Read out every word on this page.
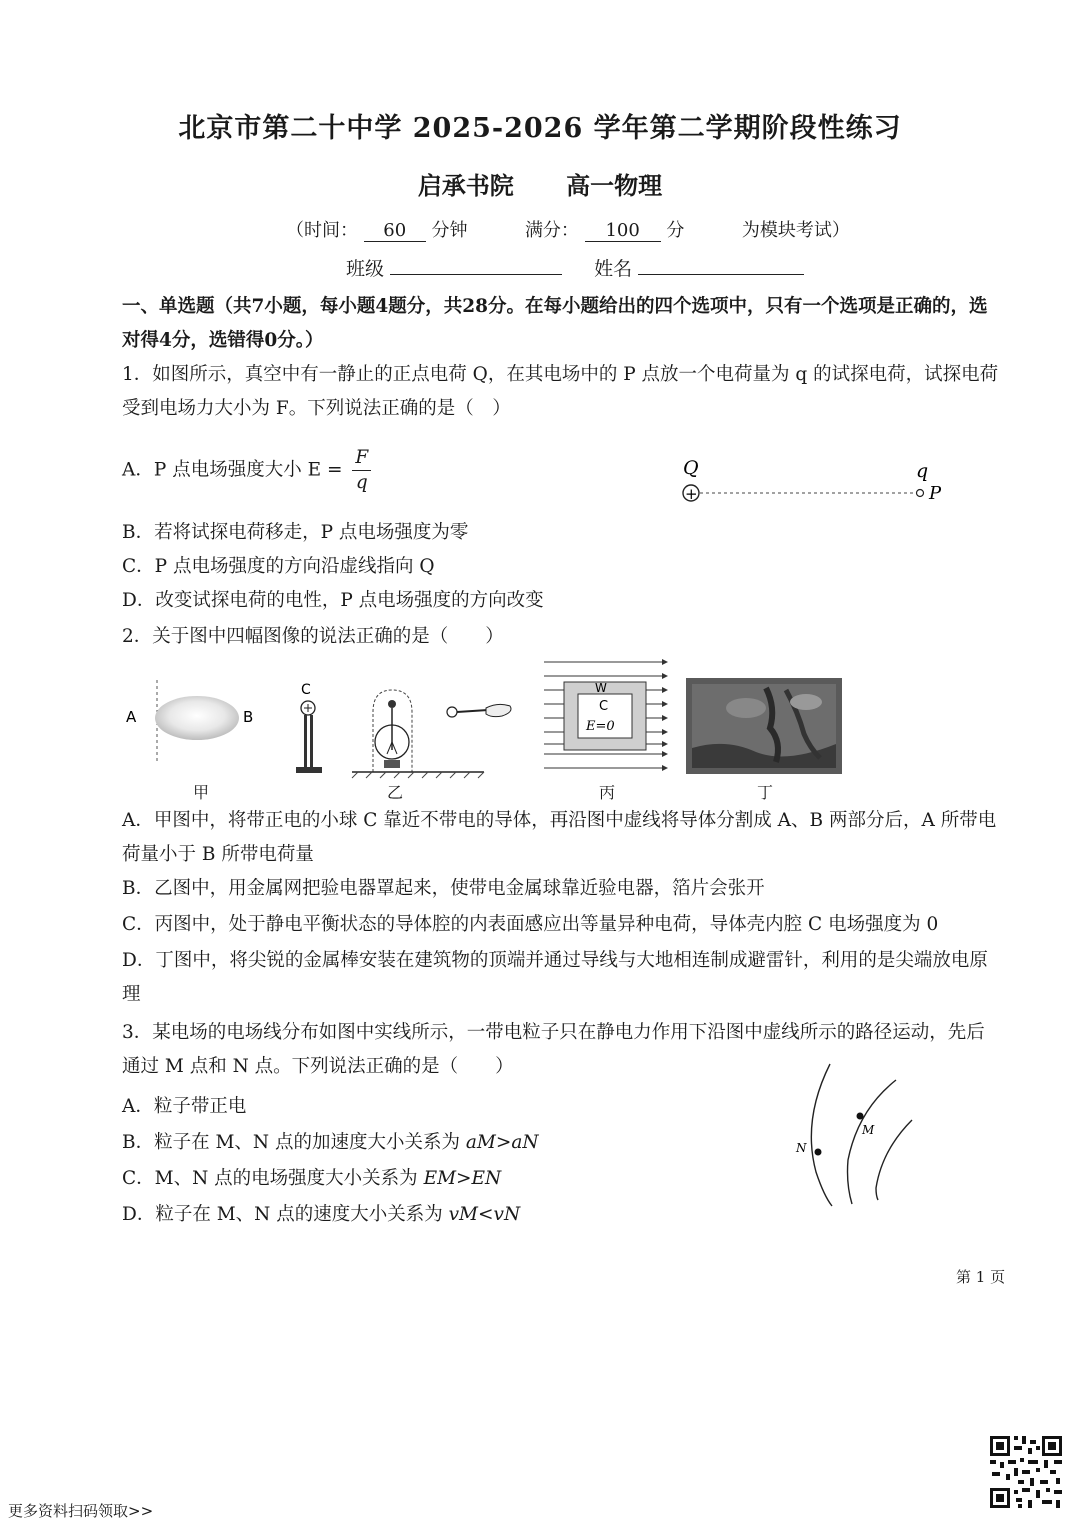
北京市第二十中学 2025-2026 学年第二学期阶段性练习
启承书院 高一物理
（时间： 60 分钟	满分： 100 分	为模块考试）
班级	姓名
一、单选题（共7小题，每小题4题分，共28分。在每小题给出的四个选项中，只有一个选项是正确的，选对得4分，选错得0分。）
1．如图所示，真空中有一静止的正点电荷 Q，在其电场中的 P 点放一个电荷量为 q 的试探电荷，试探电荷受到电场力大小为 F。下列说法正确的是（　）
A．P 点电场强度大小 $E = \frac{F}{q}$	Q	q
+	P
B．若将试探电荷移走，P 点电场强度为零
C．P 点电场强度的方向沿虚线指向 Q
D．改变试探电荷的电性，P 点电场强度的方向改变
2．关于图中四幅图像的说法正确的是（　　）
A	B
C	W
C
E=0
甲	乙	丙	丁
A．甲图中，将带正电的小球 C 靠近不带电的导体，再沿图中虚线将导体分割成 A、B 两部分后，A 所带电荷量小于 B 所带电荷量
B．乙图中，用金属网把验电器罩起来，使带电金属球靠近验电器，箔片会张开
C．丙图中，处于静电平衡状态的导体腔的内表面感应出等量异种电荷，导体壳内腔 C 电场强度为 0
D．丁图中，将尖锐的金属棒安装在建筑物的顶端并通过导线与大地相连制成避雷针，利用的是尖端放电原理
3．某电场的电场线分布如图中实线所示，一带电粒子只在静电力作用下沿图中虚线所示的路径运动，先后通过 M 点和 N 点。下列说法正确的是（　　）
A．粒子带正电
B．粒子在 M、N 点的加速度大小关系为 aM>aN
C．M、N 点的电场强度大小关系为 EM>EN
D．粒子在 M、N 点的速度大小关系为 vM<vN
M
N
第 1 页
更多资料扫码领取>>
